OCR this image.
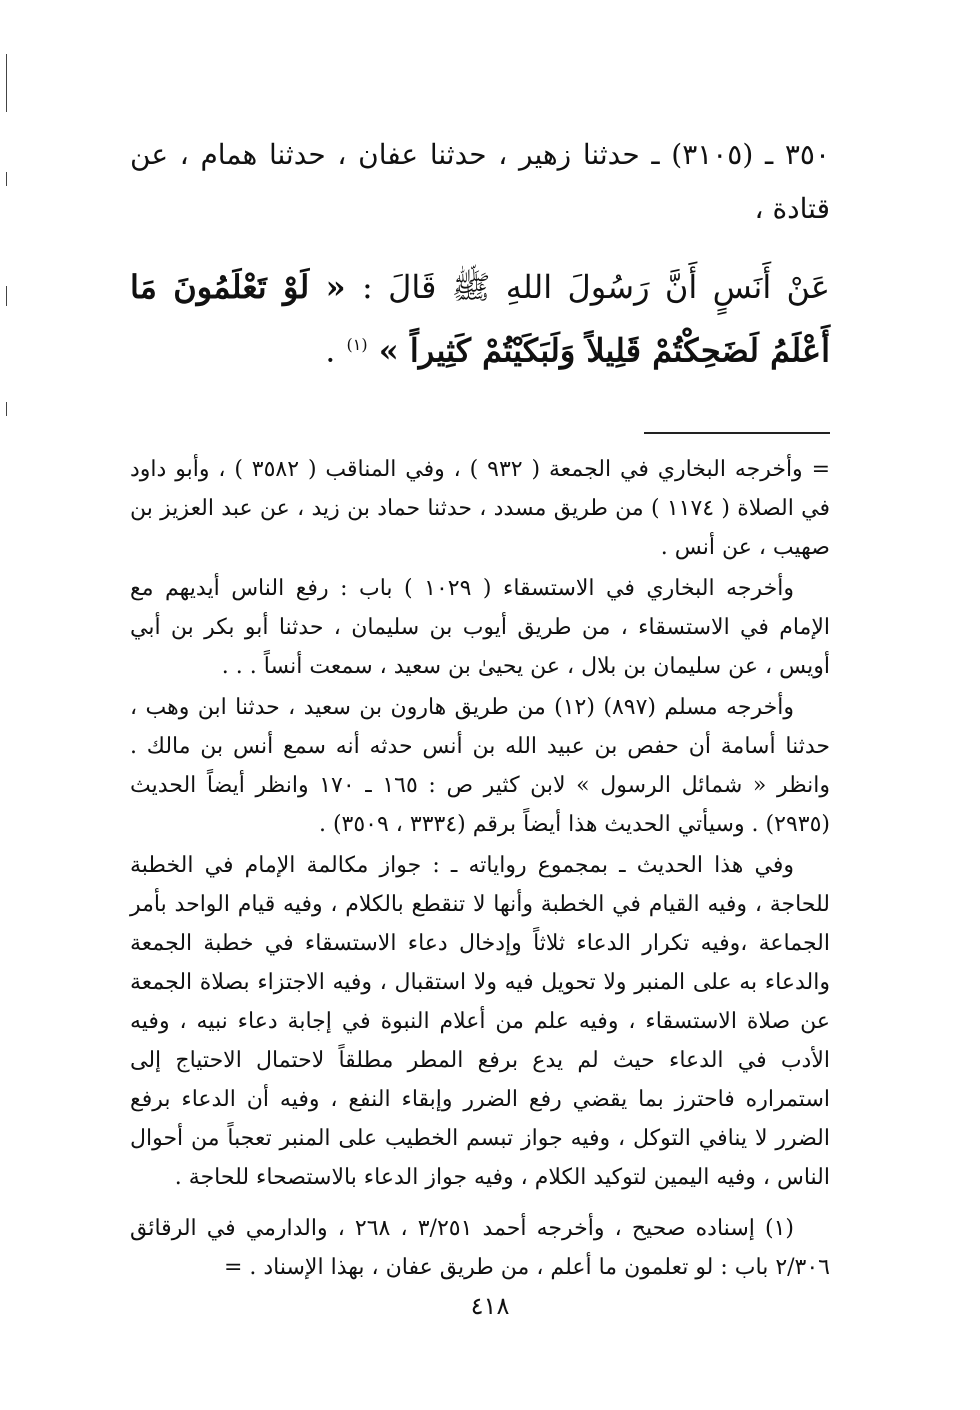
٣٥٠ ـ (٣١٠٥) ـ حدثنا زهير ، حدثنا عفان ، حدثنا همام ، عن قتادة ،

عَنْ أَنَسٍ أَنَّ رَسُولَ اللهِ ﷺ قَالَ : « لَوْ تَعْلَمُونَ مَا أَعْلَمُ لَضَحِكْتُمْ قَلِيلاً وَلَبَكَيْتُمْ كَثِيراً » $^{(١)}$ .

= وأخرجه البخاري في الجمعة ( ٩٣٢ ) ، وفي المناقب ( ٣٥٨٢ ) ، وأبو داود في الصلاة ( ١١٧٤ ) من طريق مسدد ، حدثنا حماد بن زيد ، عن عبد العزيز بن صهيب ، عن أنس .

وأخرجه البخاري في الاستسقاء ( ١٠٢٩ ) باب : رفع الناس أيديهم مع الإمام في الاستسقاء ، من طريق أيوب بن سليمان ، حدثنا أبو بكر بن أبي أويس ، عن سليمان بن بلال ، عن يحيىٰ بن سعيد ، سمعت أنساً . . .

وأخرجه مسلم (٨٩٧) (١٢) من طريق هارون بن سعيد ، حدثنا ابن وهب ، حدثنا أسامة أن حفص بن عبيد الله بن أنس حدثه أنه سمع أنس بن مالك . وانظر « شمائل الرسول » لابن كثير ص : ١٦٥ ـ ١٧٠ وانظر أيضاً الحديث (٢٩٣٥) . وسيأتي الحديث هذا أيضاً برقم (٣٣٣٤ ، ٣٥٠٩) .

وفي هذا الحديث ـ بمجموع رواياته ـ : جواز مكالمة الإمام في الخطبة للحاجة ، وفيه القيام في الخطبة وأنها لا تنقطع بالكلام ، وفيه قيام الواحد بأمر الجماعة ،وفيه تكرار الدعاء ثلاثاً وإدخال دعاء الاستسقاء في خطبة الجمعة والدعاء به على المنبر ولا تحويل فيه ولا استقبال ، وفيه الاجتزاء بصلاة الجمعة عن صلاة الاستسقاء ، وفيه علم من أعلام النبوة في إجابة دعاء نبيه ، وفيه الأدب في الدعاء حيث لم يدع برفع المطر مطلقاً لاحتمال الاحتياج إلى استمراره فاحترز بما يقضي رفع الضرر وإبقاء النفع ، وفيه أن الدعاء برفع الضرر لا ينافي التوكل ، وفيه جواز تبسم الخطيب على المنبر تعجباً من أحوال الناس ، وفيه اليمين لتوكيد الكلام ، وفيه جواز الدعاء بالاستصحاء للحاجة .

(١) إسناده صحيح ، وأخرجه أحمد ٣/٢٥١ ، ٢٦٨ ، والدارمي في الرقائق ٢/٣٠٦ باب : لو تعلمون ما أعلم ، من طريق عفان ، بهذا الإسناد . =

٤١٨
